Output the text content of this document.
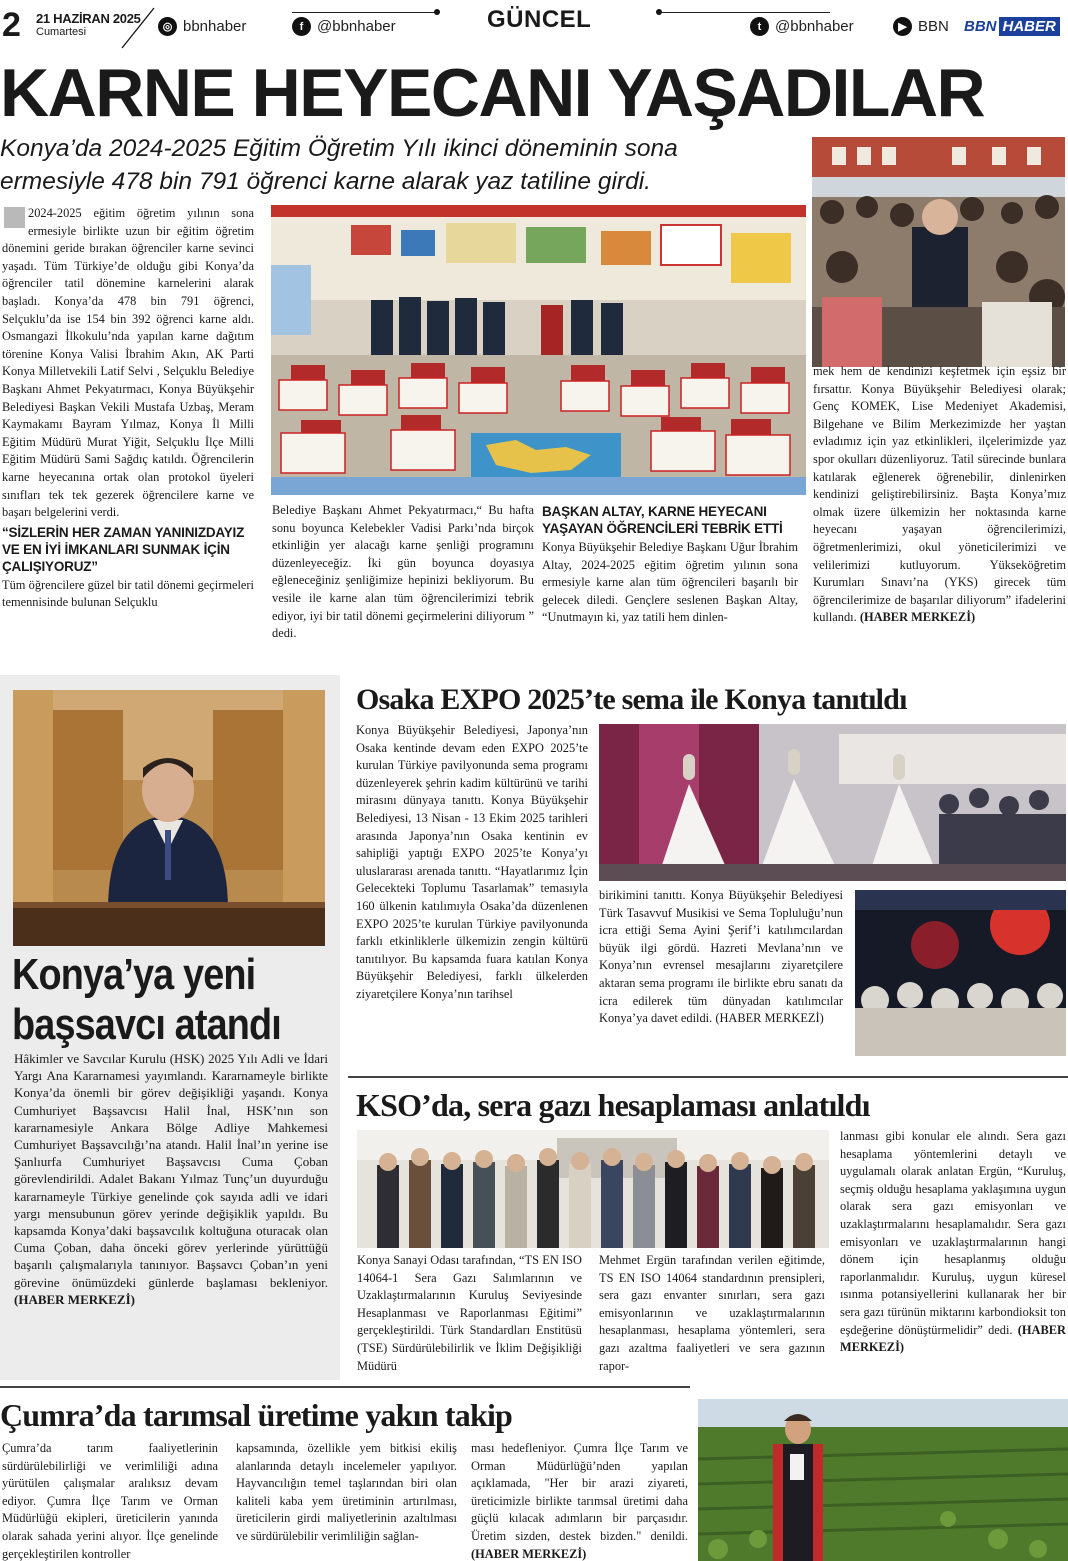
2 21 HAZİRAN 2025
Cumartesi	◎ bbnhaber	f @bbnhaber	GÜNCEL	t @bbnhaber	▶ BBN BBN HABER
KARNE HEYECANI YAŞADILAR
Konya’da 2024-2025 Eğitim Öğretim Yılı ikinci döneminin sona
ermesiyle 478 bin 791 öğrenci karne alarak yaz tatiline girdi.
2024-2025 eğitim öğretim yılının sona ermesiyle birlikte uzun bir eğitim öğretim dönemini geride bırakan öğrenciler karne sevinci yaşadı. Tüm Türkiye’de olduğu gibi Konya’da öğrenciler tatil dönemine karnelerini alarak başladı. Konya’da 478 bin 791 öğrenci, Selçuklu’da ise 154 bin 392 öğrenci karne aldı. Osmangazi İlkokulu’nda yapılan karne dağıtım törenine Konya Valisi İbrahim Akın, AK Parti Konya Milletvekili Latif Selvi , Selçuklu Belediye Başkanı Ahmet Pekyatırmacı, Konya Büyükşehir Belediyesi Başkan Vekili Mustafa Uzbaş, Meram Kaymakamı Bayram Yılmaz, Konya İl Milli Eğitim Müdürü Murat Yiğit, Selçuklu İlçe Milli Eğitim Müdürü Sami Sağdıç katıldı. Öğrencilerin karne heyecanına ortak olan protokol üyeleri sınıfları tek tek gezerek öğrencilere karne ve başarı belgelerini verdi.
“SİZLERİN HER ZAMAN YANINIZDAYIZ VE EN İYİ İMKANLARI SUNMAK İÇİN ÇALIŞIYORUZ”
Tüm öğrencilere güzel bir tatil dönemi geçirmeleri temennisinde bulunan Selçuklu
Belediye Başkanı Ahmet Pekyatırmacı,“ Bu hafta sonu boyunca Kelebekler Vadisi Parkı’nda birçok etkinliğin yer alacağı karne şenliği programını düzenleyeceğiz. İki gün boyunca doyasıya eğleneceğiniz şenliğimize hepinizi bekliyorum. Bu vesile ile karne alan tüm öğrencilerimizi tebrik ediyor, iyi bir tatil dönemi geçirmelerini diliyorum ” dedi.
BAŞKAN ALTAY, KARNE HEYECANI YAŞAYAN ÖĞRENCİLERİ TEBRİK ETTİ
Konya Büyükşehir Belediye Başkanı Uğur İbrahim Altay, 2024-2025 eğitim öğretim yılının sona ermesiyle karne alan tüm öğrencileri başarılı bir gelecek diledi. Gençlere seslenen Başkan Altay, “Unutmayın ki, yaz tatili hem dinlen-
mek hem de kendinizi keşfetmek için eşsiz bir fırsattır. Konya Büyükşehir Belediyesi olarak; Genç KOMEK, Lise Medeniyet Akademisi, Bilgehane ve Bilim Merkezimizde her yaştan evladımız için yaz etkinlikleri, ilçelerimizde yaz spor okulları düzenliyoruz. Tatil sürecinde bunlara katılarak eğlenerek öğrenebilir, dinlenirken kendinizi geliştirebilirsiniz. Başta Konya’mız olmak üzere ülkemizin her noktasında karne heyecanı yaşayan öğrencilerimizi, öğretmenlerimizi, okul yöneticilerimizi ve velilerimizi kutluyorum. Yükseköğretim Kurumları Sınavı’na (YKS) girecek tüm öğrencilerimize de başarılar diliyorum” ifadelerini kullandı. (HABER MERKEZİ)
Konya’ya yeni
başsavcı atandı
Hâkimler ve Savcılar Kurulu (HSK) 2025 Yılı Adli ve İdari Yargı Ana Kararnamesi yayımlandı. Kararnameyle birlikte Konya’da önemli bir görev değişikliği yaşandı. Konya Cumhuriyet Başsavcısı Halil İnal, HSK’nın son kararnamesiyle Ankara Bölge Adliye Mahkemesi Cumhuriyet Başsavcılığı’na atandı. Halil İnal’ın yerine ise Şanlıurfa Cumhuriyet Başsavcısı Cuma Çoban görevlendirildi. Adalet Bakanı Yılmaz Tunç’un duyurduğu kararnameyle Türkiye genelinde çok sayıda adli ve idari yargı mensubunun görev yerinde değişiklik yapıldı. Bu kapsamda Konya’daki başsavcılık koltuğuna oturacak olan Cuma Çoban, daha önceki görev yerlerinde yürüttüğü başarılı çalışmalarıyla tanınıyor. Başsavcı Çoban’ın yeni görevine önümüzdeki günlerde başlaması bekleniyor. (HABER MERKEZİ)
Osaka EXPO 2025’te sema ile Konya tanıtıldı
Konya Büyükşehir Belediyesi, Japonya’nın Osaka kentinde devam eden EXPO 2025’te kurulan Türkiye pavilyonunda sema programı düzenleyerek şehrin kadim kültürünü ve tarihi mirasını dünyaya tanıttı. Konya Büyükşehir Belediyesi, 13 Nisan - 13 Ekim 2025 tarihleri arasında Japonya’nın Osaka kentinin ev sahipliği yaptığı EXPO 2025’te Konya’yı uluslararası arenada tanıttı. “Hayatlarımız İçin Gelecekteki Toplumu Tasarlamak” temasıyla 160 ülkenin katılımıyla Osaka’da düzenlenen EXPO 2025’te kurulan Türkiye pavilyonunda farklı etkinliklerle ülkemizin zengin kültürü tanıtılıyor. Bu kapsamda fuara katılan Konya Büyükşehir Belediyesi, farklı ülkelerden ziyaretçilere Konya’nın tarihsel
birikimini tanıttı. Konya Büyükşehir Belediyesi Türk Tasavvuf Musikisi ve Sema Topluluğu’nun icra ettiği Sema Ayini Şerif’i katılımcılardan büyük ilgi gördü. Hazreti Mevlana’nın ve Konya’nın evrensel mesajlarını ziyaretçilere aktaran sema programı ile birlikte ebru sanatı da icra edilerek tüm dünyadan katılımcılar Konya’ya davet edildi. (HABER MERKEZİ)
KSO’da, sera gazı hesaplaması anlatıldı
Konya Sanayi Odası tarafından, “TS EN ISO 14064-1 Sera Gazı Salımlarının ve Uzaklaştırmalarının Kuruluş Seviyesinde Hesaplanması ve Raporlanması Eğitimi” gerçekleştirildi. Türk Standardları Enstitüsü (TSE) Sürdürülebilirlik ve İklim Değişikliği Müdürü
Mehmet Ergün tarafından verilen eğitimde, TS EN ISO 14064 standardının prensipleri, sera gazı envanter sınırları, sera gazı emisyonlarının ve uzaklaştırmalarının hesaplanması, hesaplama yöntemleri, sera gazı azaltma faaliyetleri ve sera gazının rapor-
lanması gibi konular ele alındı. Sera gazı hesaplama yöntemlerini detaylı ve uygulamalı olarak anlatan Ergün, “Kuruluş, seçmiş olduğu hesaplama yaklaşımına uygun olarak sera gazı emisyonları ve uzaklaştırmalarını hesaplamalıdır. Sera gazı emisyonları ve uzaklaştırmalarının hangi dönem için hesaplanmış olduğu raporlanmalıdır. Kuruluş, uygun küresel ısınma potansiyellerini kullanarak her bir sera gazı türünün miktarını karbondioksit ton eşdeğerine dönüştürmelidir” dedi. (HABER MERKEZİ)
Çumra’da tarımsal üretime yakın takip
Çumra’da tarım faaliyetlerinin sürdürülebilirliği ve verimliliği adına yürütülen çalışmalar aralıksız devam ediyor. Çumra İlçe Tarım ve Orman Müdürlüğü ekipleri, üreticilerin yanında olarak sahada yerini alıyor. İlçe genelinde gerçekleştirilen kontroller
kapsamında, özellikle yem bitkisi ekiliş alanlarında detaylı incelemeler yapılıyor. Hayvancılığın temel taşlarından biri olan kaliteli kaba yem üretiminin artırılması, üreticilerin girdi maliyetlerinin azaltılması ve sürdürülebilir verimliliğin sağlan-
ması hedefleniyor. Çumra İlçe Tarım ve Orman Müdürlüğü’nden yapılan açıklamada, "Her bir arazi ziyareti, üreticimizle birlikte tarımsal üretimi daha güçlü kılacak adımların bir parçasıdır. Üretim sizden, destek bizden." denildi. (HABER MERKEZİ)
